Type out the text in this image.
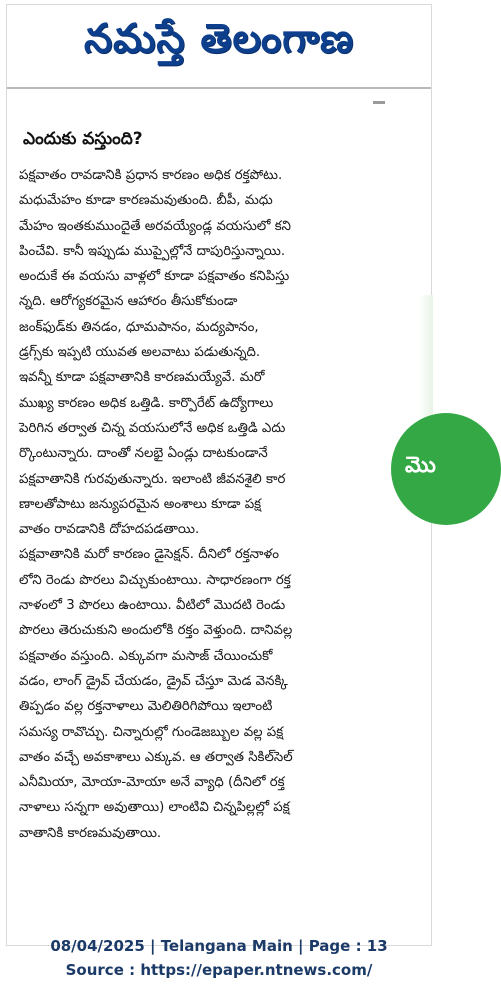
నమస్తే తెలంగాణ
ఎందుకు వస్తుంది?
మొ
పక్షవాతం రావడానికి ప్రధాన కారణం అధిక రక్తపోటు.
మధుమేహం కూడా కారణమవుతుంది. బీపీ, మధు
మేహం ఇంతకుముందైతే అరవయ్యేండ్ల వయసులో కని
పించేవి. కానీ ఇప్పుడు ముప్పైల్లోనే దాపురిస్తున్నాయి.
అందుకే ఈ వయసు వాళ్లలో కూడా పక్షవాతం కనిపిస్తు
న్నది. ఆరోగ్యకరమైన ఆహారం తీసుకోకుండా
జంక్‌ఫుడ్‌కు తినడం, ధూమపానం, మద్యపానం,
డ్రగ్స్‌కు ఇప్పటి యువత అలవాటు పడుతున్నది.
ఇవన్నీ కూడా పక్షవాతానికి కారణమయ్యేవే. మరో
ముఖ్య కారణం అధిక ఒత్తిడి. కార్పొరేట్ ఉద్యోగాలు
పెరిగిన తర్వాత చిన్న వయసులోనే అధిక ఒత్తిడి ఎదు
ర్కొంటున్నారు. దాంతో నలభై ఏండ్లు దాటకుండానే
పక్షవాతానికి గురవుతున్నారు. ఇలాంటి జీవనశైలి కార
ణాలతోపాటు జన్యుపరమైన అంశాలు కూడా పక్ష
వాతం రావడానికి దోహదపడతాయి.
పక్షవాతానికి మరో కారణం డైసెక్షన్. దీనిలో రక్తనాళం
లోని రెండు పొరలు విచ్చుకుంటాయి. సాధారణంగా రక్త
నాళంలో 3 పొరలు ఉంటాయి. వీటిలో మొదటి రెండు
పొరలు తెరుచుకుని అందులోకి రక్తం వెళ్తుంది. దానివల్ల
పక్షవాతం వస్తుంది. ఎక్కువగా మసాజ్ చేయించుకో
వడం, లాంగ్ డ్రైవ్ చేయడం, డ్రైవ్ చేస్తూ మెడ వెనక్కి
తిప్పడం వల్ల రక్తనాళాలు మెలితిరిగిపోయి ఇలాంటి
సమస్య రావొచ్చు. చిన్నారుల్లో గుండెజబ్బుల వల్ల పక్ష
వాతం వచ్చే అవకాశాలు ఎక్కువ. ఆ తర్వాత సికిల్‌సెల్
ఎనీమియా, మోయా-మోయా అనే వ్యాధి (దీనిలో రక్త
నాళాలు సన్నగా అవుతాయి) లాంటివి చిన్నపిల్లల్లో పక్ష
వాతానికి కారణమవుతాయి.
08/04/2025 | Telangana Main | Page : 13
Source : https://epaper.ntnews.com/
